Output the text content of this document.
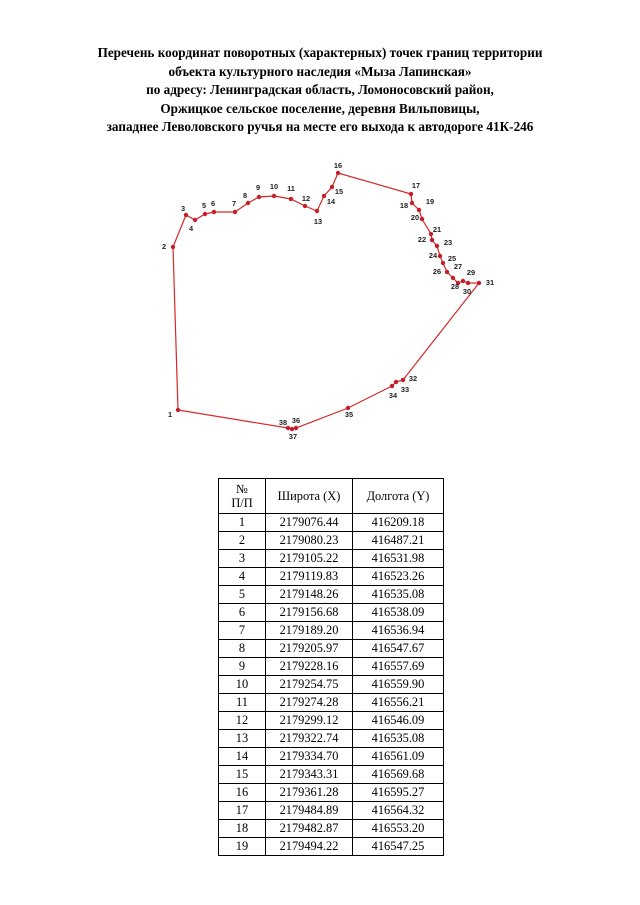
Перечень координат поворотных (характерных) точек границ территории
объекта культурного наследия «Мыза Лапинская»
по адресу: Ленинградская область, Ломоносовский район,
Оржицкое сельское поселение, деревня Вильповицы,
западнее Леволовского ручья на месте его выхода к автодороге 41К-246
1
2
3
4
5 6 7
8
9 10 11
12
13
14
15
16
17
18 19
20
21
22 23
24 25
26
27
28
29
30
31
32
33
34
35
36
37
38
№
П/П	Широта (X)	Долгота (Y)
1	2179076.44	416209.18
2	2179080.23	416487.21
3	2179105.22	416531.98
4	2179119.83	416523.26
5	2179148.26	416535.08
6	2179156.68	416538.09
7	2179189.20	416536.94
8	2179205.97	416547.67
9	2179228.16	416557.69
10	2179254.75	416559.90
11	2179274.28	416556.21
12	2179299.12	416546.09
13	2179322.74	416535.08
14	2179334.70	416561.09
15	2179343.31	416569.68
16	2179361.28	416595.27
17	2179484.89	416564.32
18	2179482.87	416553.20
19	2179494.22	416547.25
